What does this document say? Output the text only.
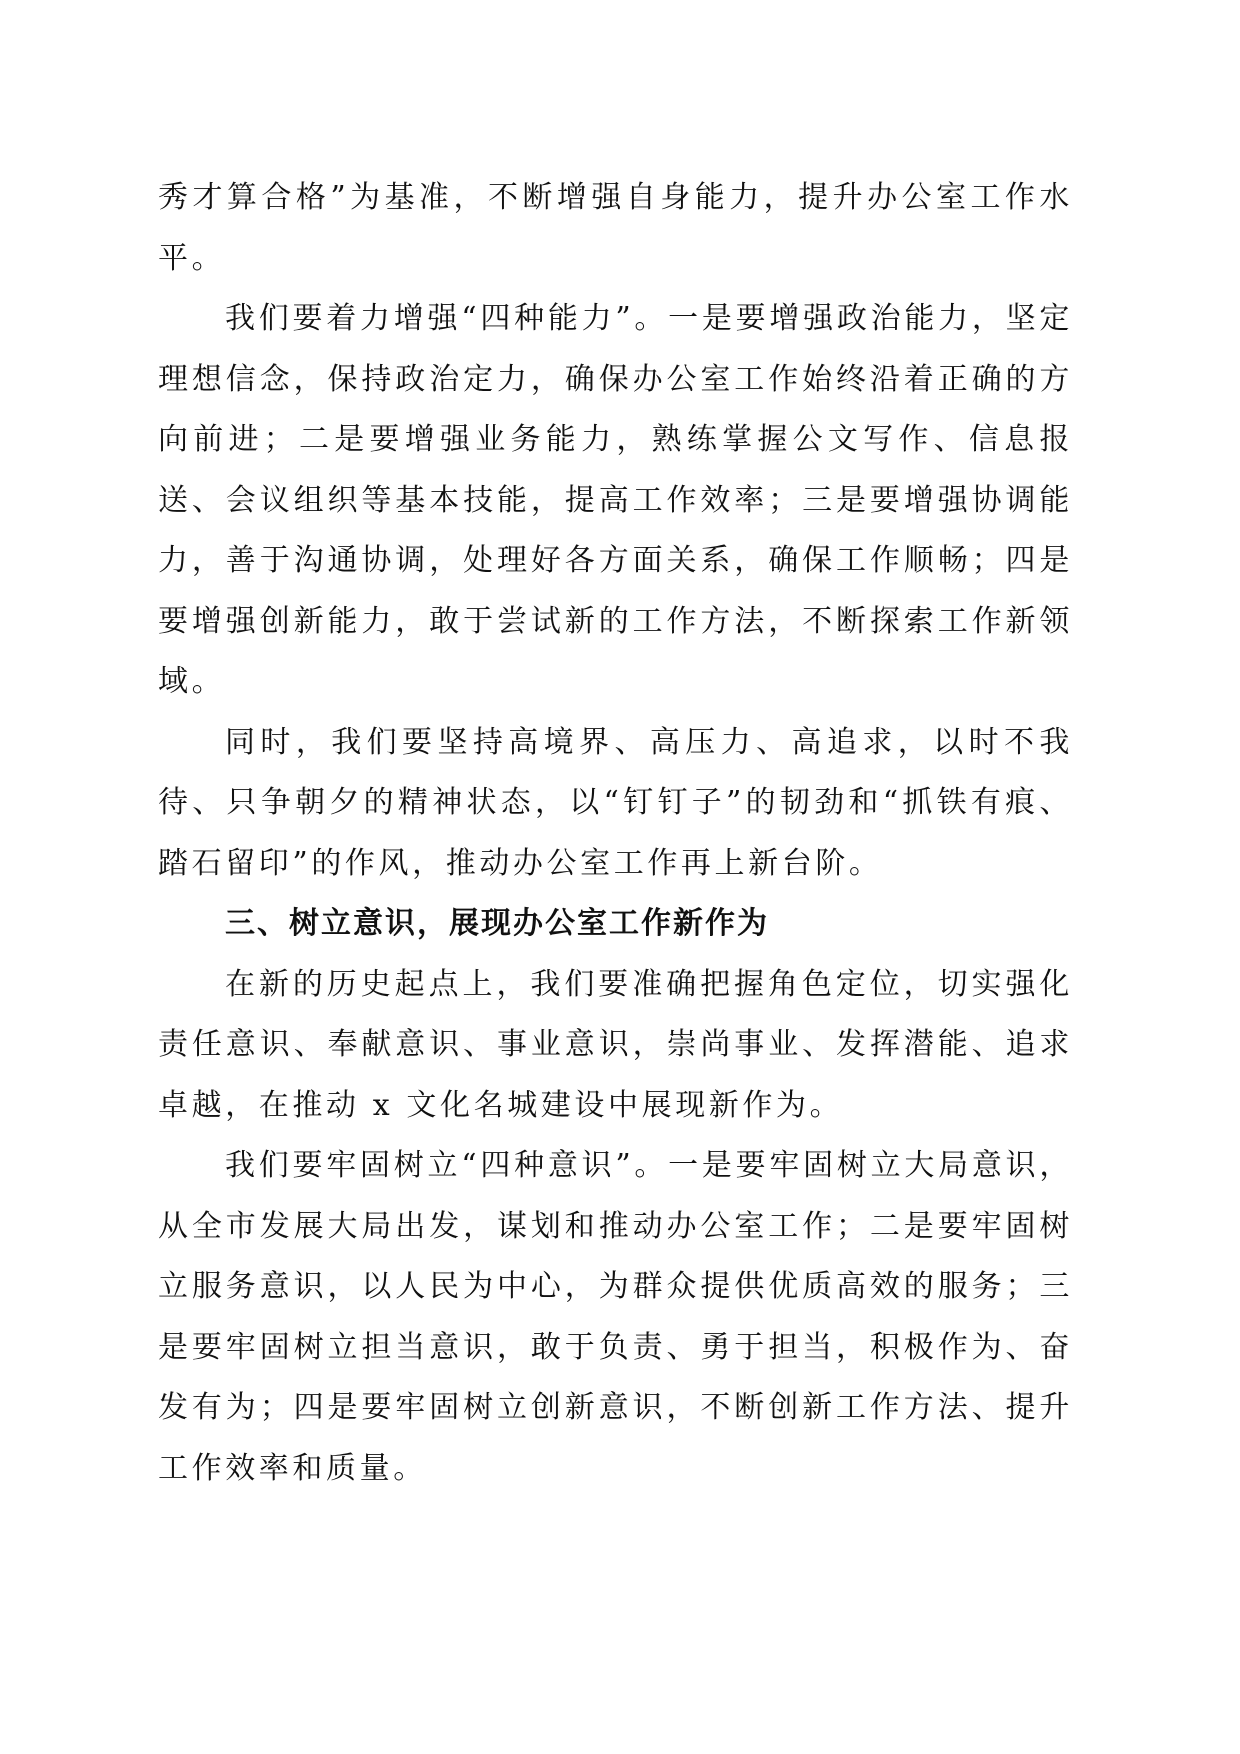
秀才算合格”为基准，不断增强自身能力，提升办公室工作水平。

我们要着力增强“四种能力”。一是要增强政治能力，坚定理想信念，保持政治定力，确保办公室工作始终沿着正确的方向前进；二是要增强业务能力，熟练掌握公文写作、信息报送、会议组织等基本技能，提高工作效率；三是要增强协调能力，善于沟通协调，处理好各方面关系，确保工作顺畅；四是要增强创新能力，敢于尝试新的工作方法，不断探索工作新领域。

同时，我们要坚持高境界、高压力、高追求，以时不我待、只争朝夕的精神状态，以“钉钉子”的韧劲和“抓铁有痕、踏石留印”的作风，推动办公室工作再上新台阶。

三、树立意识，展现办公室工作新作为

在新的历史起点上，我们要准确把握角色定位，切实强化责任意识、奉献意识、事业意识，崇尚事业、发挥潜能、追求卓越，在推动 x 文化名城建设中展现新作为。

我们要牢固树立“四种意识”。一是要牢固树立大局意识，从全市发展大局出发，谋划和推动办公室工作；二是要牢固树立服务意识，以人民为中心，为群众提供优质高效的服务；三是要牢固树立担当意识，敢于负责、勇于担当，积极作为、奋发有为；四是要牢固树立创新意识，不断创新工作方法、提升工作效率和质量。
